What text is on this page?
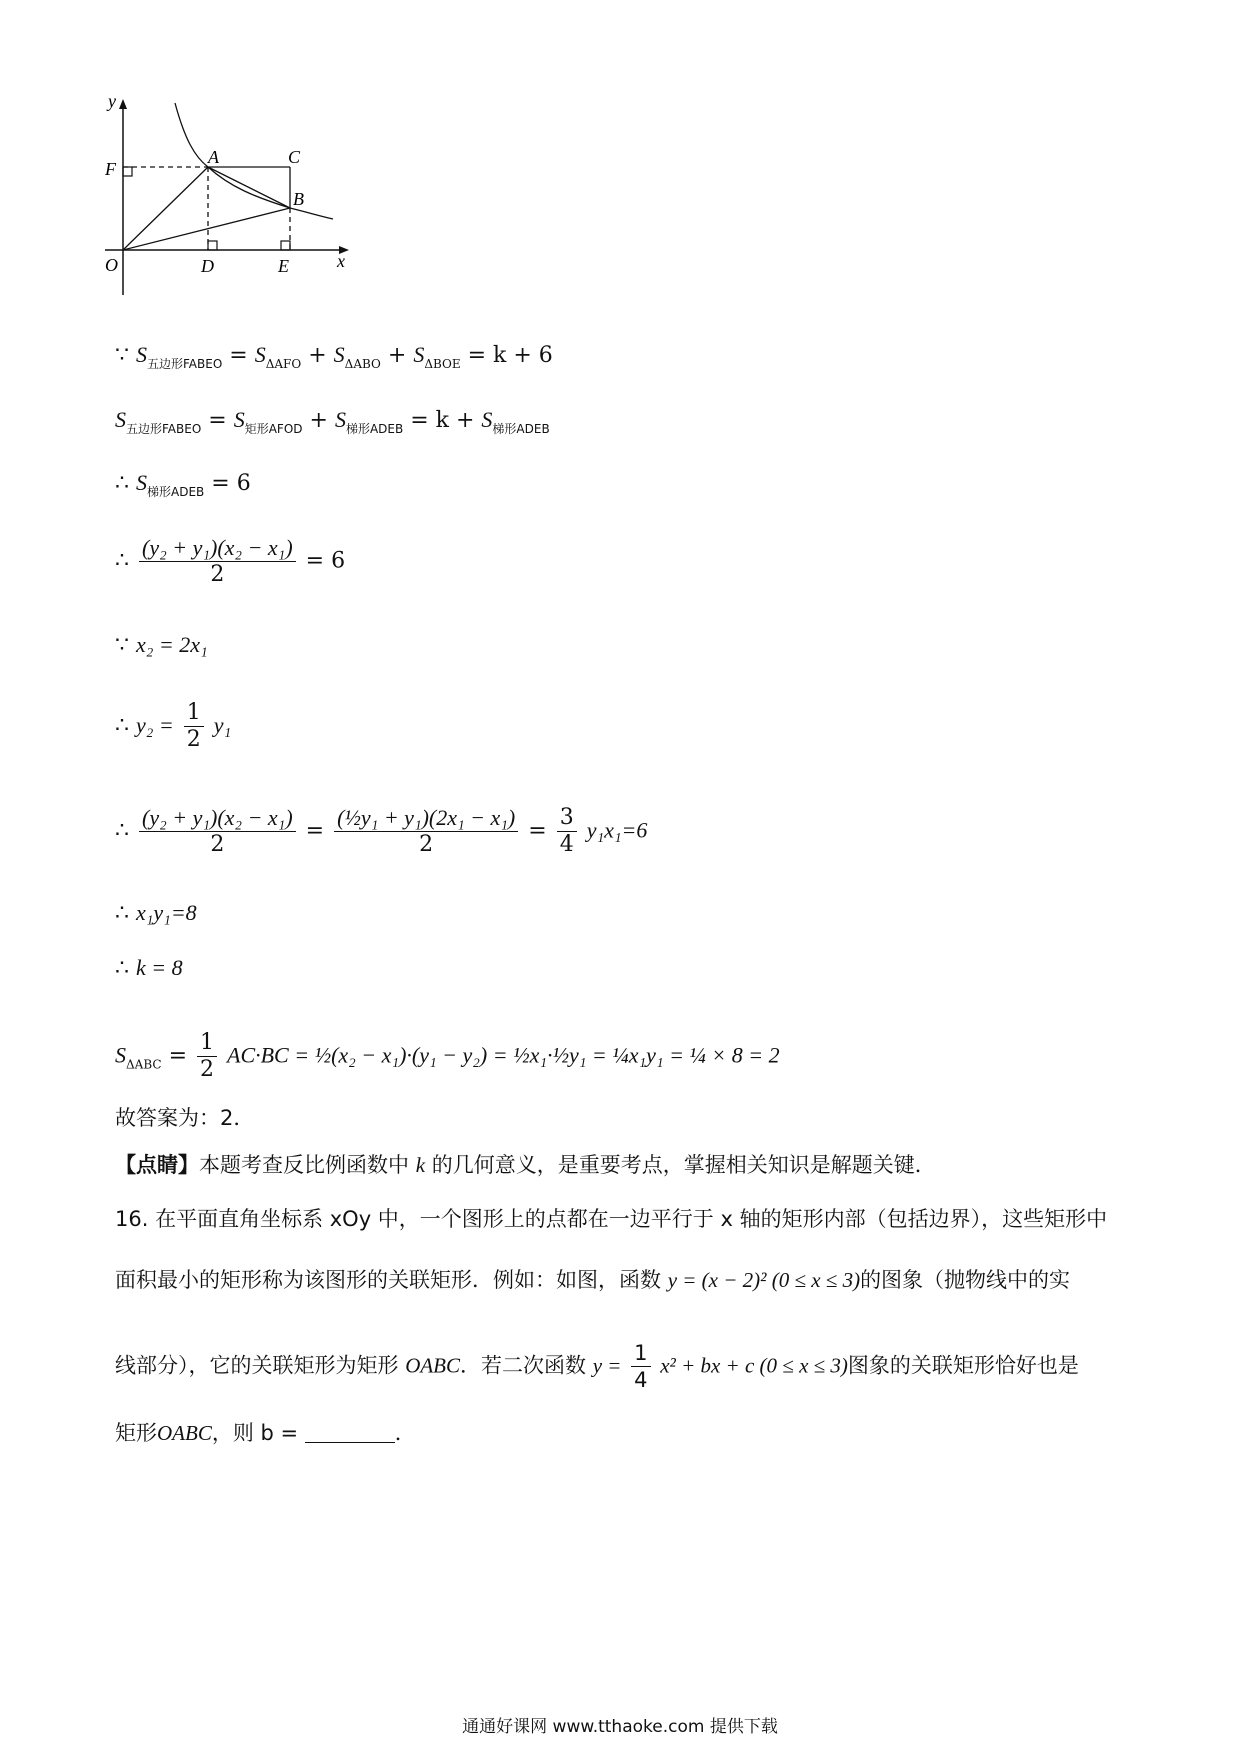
y
x
O
F
A	C
B
D	E
∵ $S_{五边形FABEO} = S_{\Delta AFO} + S_{\Delta ABO} + S_{\Delta BOE} = k + 6$
$S_{五边形FABEO} = S_{矩形AFOD} + S_{梯形ADEB} = k + S_{梯形ADEB}$
∴ $S_{梯形ADEB} = 6$
∴ $\frac{\text{(y₂ + y₁)(x₂ − x₁)}}{2} = 6$
∵ x₂ = 2x₁
∴ $y_2 = \frac{1}{2} y_1$
∴ $\frac{\text{(y₂ + y₁)(x₂ − x₁)}}{2} = \frac{\text{(½y₁ + y₁)(2x₁ − x₁)}}{2} = \frac{3}{4} y_1x_1=6$
∴ x₁y₁=8
∴ k = 8
$S_{\Delta ABC} = \frac{1}{2} AC\cdot BC$ = ½(x₂ − x₁)·(y₁ − y₂) = ½x₁·½y₁ = ¼x₁y₁ = ¼ × 8 = 2
故答案为：2．
【点睛】本题考查反比例函数中 k 的几何意义，是重要考点，掌握相关知识是解题关键．
16. 在平面直角坐标系 xOy 中，一个图形上的点都在一边平行于 x 轴的矩形内部（包括边界），这些矩形中
面积最小的矩形称为该图形的关联矩形．例如：如图，函数 y = (x − 2)² (0 ≤ x ≤ 3)的图象（抛物线中的实
线部分），它的关联矩形为矩形 OABC．若二次函数 $y = \frac{1}{4} x^2$ + bx + c (0 ≤ x ≤ 3)图象的关联矩形恰好也是
矩形OABC，则 b =	．
通通好课网 www.tthaoke.com 提供下载
